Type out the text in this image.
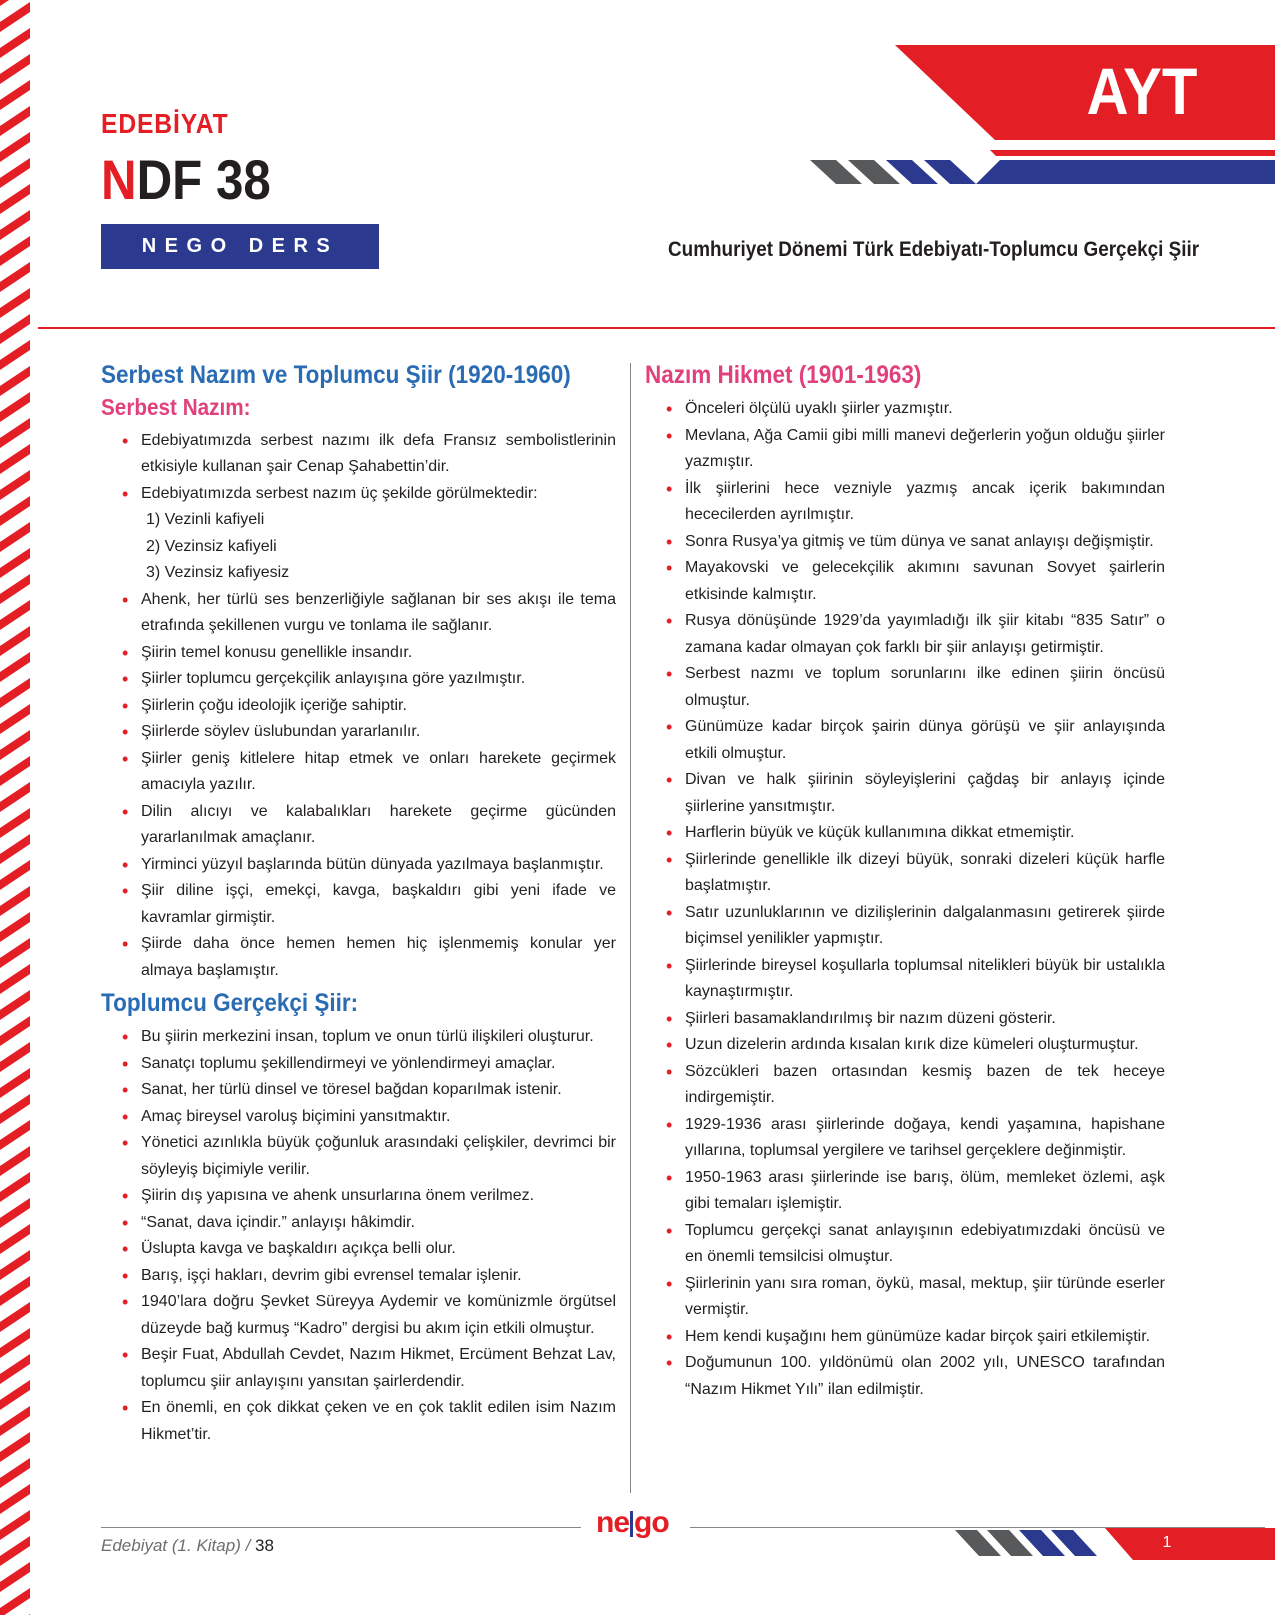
EDEBİYAT
NDF 38
NEGO DERS FÖYÜ
AYT
Cumhuriyet Dönemi Türk Edebiyatı-Toplumcu Gerçekçi Şiir
Serbest Nazım ve Toplumcu Şiir (1920-1960)
Serbest Nazım:
• Edebiyatımızda serbest nazımı ilk defa Fransız sembolistlerinin etkisiyle kullanan şair Cenap Şahabettin’dir.
• Edebiyatımızda serbest nazım üç şekilde görülmektedir:
1) Vezinli kafiyeli
2) Vezinsiz kafiyeli
3) Vezinsiz kafiyesiz
• Ahenk, her türlü ses benzerliğiyle sağlanan bir ses akışı ile tema etrafında şekillenen vurgu ve tonlama ile sağlanır.
• Şiirin temel konusu genellikle insandır.
• Şiirler toplumcu gerçekçilik anlayışına göre yazılmıştır.
• Şiirlerin çoğu ideolojik içeriğe sahiptir.
• Şiirlerde söylev üslubundan yararlanılır.
• Şiirler geniş kitlelere hitap etmek ve onları harekete geçirmek amacıyla yazılır.
• Dilin alıcıyı ve kalabalıkları harekete geçirme gücünden yararlanılmak amaçlanır.
• Yirminci yüzyıl başlarında bütün dünyada yazılmaya başlanmıştır.
• Şiir diline işçi, emekçi, kavga, başkaldırı gibi yeni ifade ve kavramlar girmiştir.
• Şiirde daha önce hemen hemen hiç işlenmemiş konular yer almaya başlamıştır.
Toplumcu Gerçekçi Şiir:
• Bu şiirin merkezini insan, toplum ve onun türlü ilişkileri oluşturur.
• Sanatçı toplumu şekillendirmeyi ve yönlendirmeyi amaçlar.
• Sanat, her türlü dinsel ve töresel bağdan koparılmak istenir.
• Amaç bireysel varoluş biçimini yansıtmaktır.
• Yönetici azınlıkla büyük çoğunluk arasındaki çelişkiler, devrimci bir söyleyiş biçimiyle verilir.
• Şiirin dış yapısına ve ahenk unsurlarına önem verilmez.
• “Sanat, dava içindir.” anlayışı hâkimdir.
• Üslupta kavga ve başkaldırı açıkça belli olur.
• Barış, işçi hakları, devrim gibi evrensel temalar işlenir.
• 1940’lara doğru Şevket Süreyya Aydemir ve komünizmle örgütsel düzeyde bağ kurmuş “Kadro” dergisi bu akım için etkili olmuştur.
• Beşir Fuat, Abdullah Cevdet, Nazım Hikmet, Ercüment Behzat Lav, toplumcu şiir anlayışını yansıtan şairlerdendir.
• En önemli, en çok dikkat çeken ve en çok taklit edilen isim Nazım Hikmet’tir.
Nazım Hikmet (1901-1963)
• Önceleri ölçülü uyaklı şiirler yazmıştır.
• Mevlana, Ağa Camii gibi milli manevi değerlerin yoğun olduğu şiirler yazmıştır.
• İlk şiirlerini hece vezniyle yazmış ancak içerik bakımından hececilerden ayrılmıştır.
• Sonra Rusya’ya gitmiş ve tüm dünya ve sanat anlayışı değişmiştir.
• Mayakovski ve gelecekçilik akımını savunan Sovyet şairlerin etkisinde kalmıştır.
• Rusya dönüşünde 1929’da yayımladığı ilk şiir kitabı “835 Satır” o zamana kadar olmayan çok farklı bir şiir anlayışı getirmiştir.
• Serbest nazmı ve toplum sorunlarını ilke edinen şiirin öncüsü olmuştur.
• Günümüze kadar birçok şairin dünya görüşü ve şiir anlayışında etkili olmuştur.
• Divan ve halk şiirinin söyleyişlerini çağdaş bir anlayış içinde şiirlerine yansıtmıştır.
• Harflerin büyük ve küçük kullanımına dikkat etmemiştir.
• Şiirlerinde genellikle ilk dizeyi büyük, sonraki dizeleri küçük harfle başlatmıştır.
• Satır uzunluklarının ve dizilişlerinin dalgalanmasını getirerek şiirde biçimsel yenilikler yapmıştır.
• Şiirlerinde bireysel koşullarla toplumsal nitelikleri büyük bir ustalıkla kaynaştırmıştır.
• Şiirleri basamaklandırılmış bir nazım düzeni gösterir.
• Uzun dizelerin ardında kısalan kırık dize kümeleri oluşturmuştur.
• Sözcükleri bazen ortasından kesmiş bazen de tek heceye indirgemiştir.
• 1929-1936 arası şiirlerinde doğaya, kendi yaşamına, hapishane yıllarına, toplumsal yergilere ve tarihsel gerçeklere değinmiştir.
• 1950-1963 arası şiirlerinde ise barış, ölüm, memleket özlemi, aşk gibi temaları işlemiştir.
• Toplumcu gerçekçi sanat anlayışının edebiyatımızdaki öncüsü ve en önemli temsilcisi olmuştur.
• Şiirlerinin yanı sıra roman, öykü, masal, mektup, şiir türünde eserler vermiştir.
• Hem kendi kuşağını hem günümüze kadar birçok şairi etkilemiştir.
• Doğumunun 100. yıldönümü olan 2002 yılı, UNESCO tarafından “Nazım Hikmet Yılı” ilan edilmiştir.
ne go
Edebiyat (1. Kitap) / 38	1
